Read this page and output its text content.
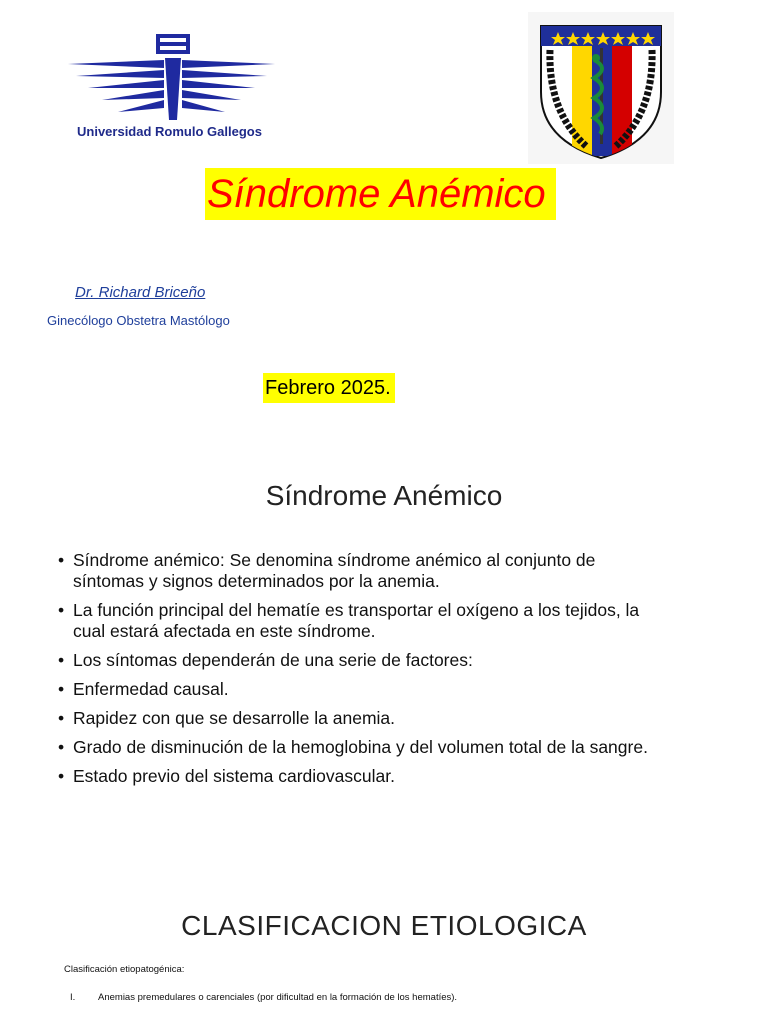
Universidad Romulo Gallegos
Síndrome Anémico
Dr. Richard Briceño
Ginecólogo Obstetra Mastólogo
Febrero 2025.
Síndrome Anémico
• Síndrome anémico: Se denomina síndrome anémico al conjunto de síntomas y signos determinados por la anemia.
• La función principal del hematíe es transportar el oxígeno a los tejidos, la cual estará afectada en este síndrome.
• Los síntomas dependerán de una serie de factores:
• Enfermedad causal.
• Rapidez con que se desarrolle la anemia.
• Grado de disminución de la hemoglobina y del volumen total de la sangre.
• Estado previo del sistema cardiovascular.
CLASIFICACION ETIOLOGICA
Clasificación etiopatogénica:
I.	Anemias premedulares o carenciales (por dificultad en la formación de los hematíes).
